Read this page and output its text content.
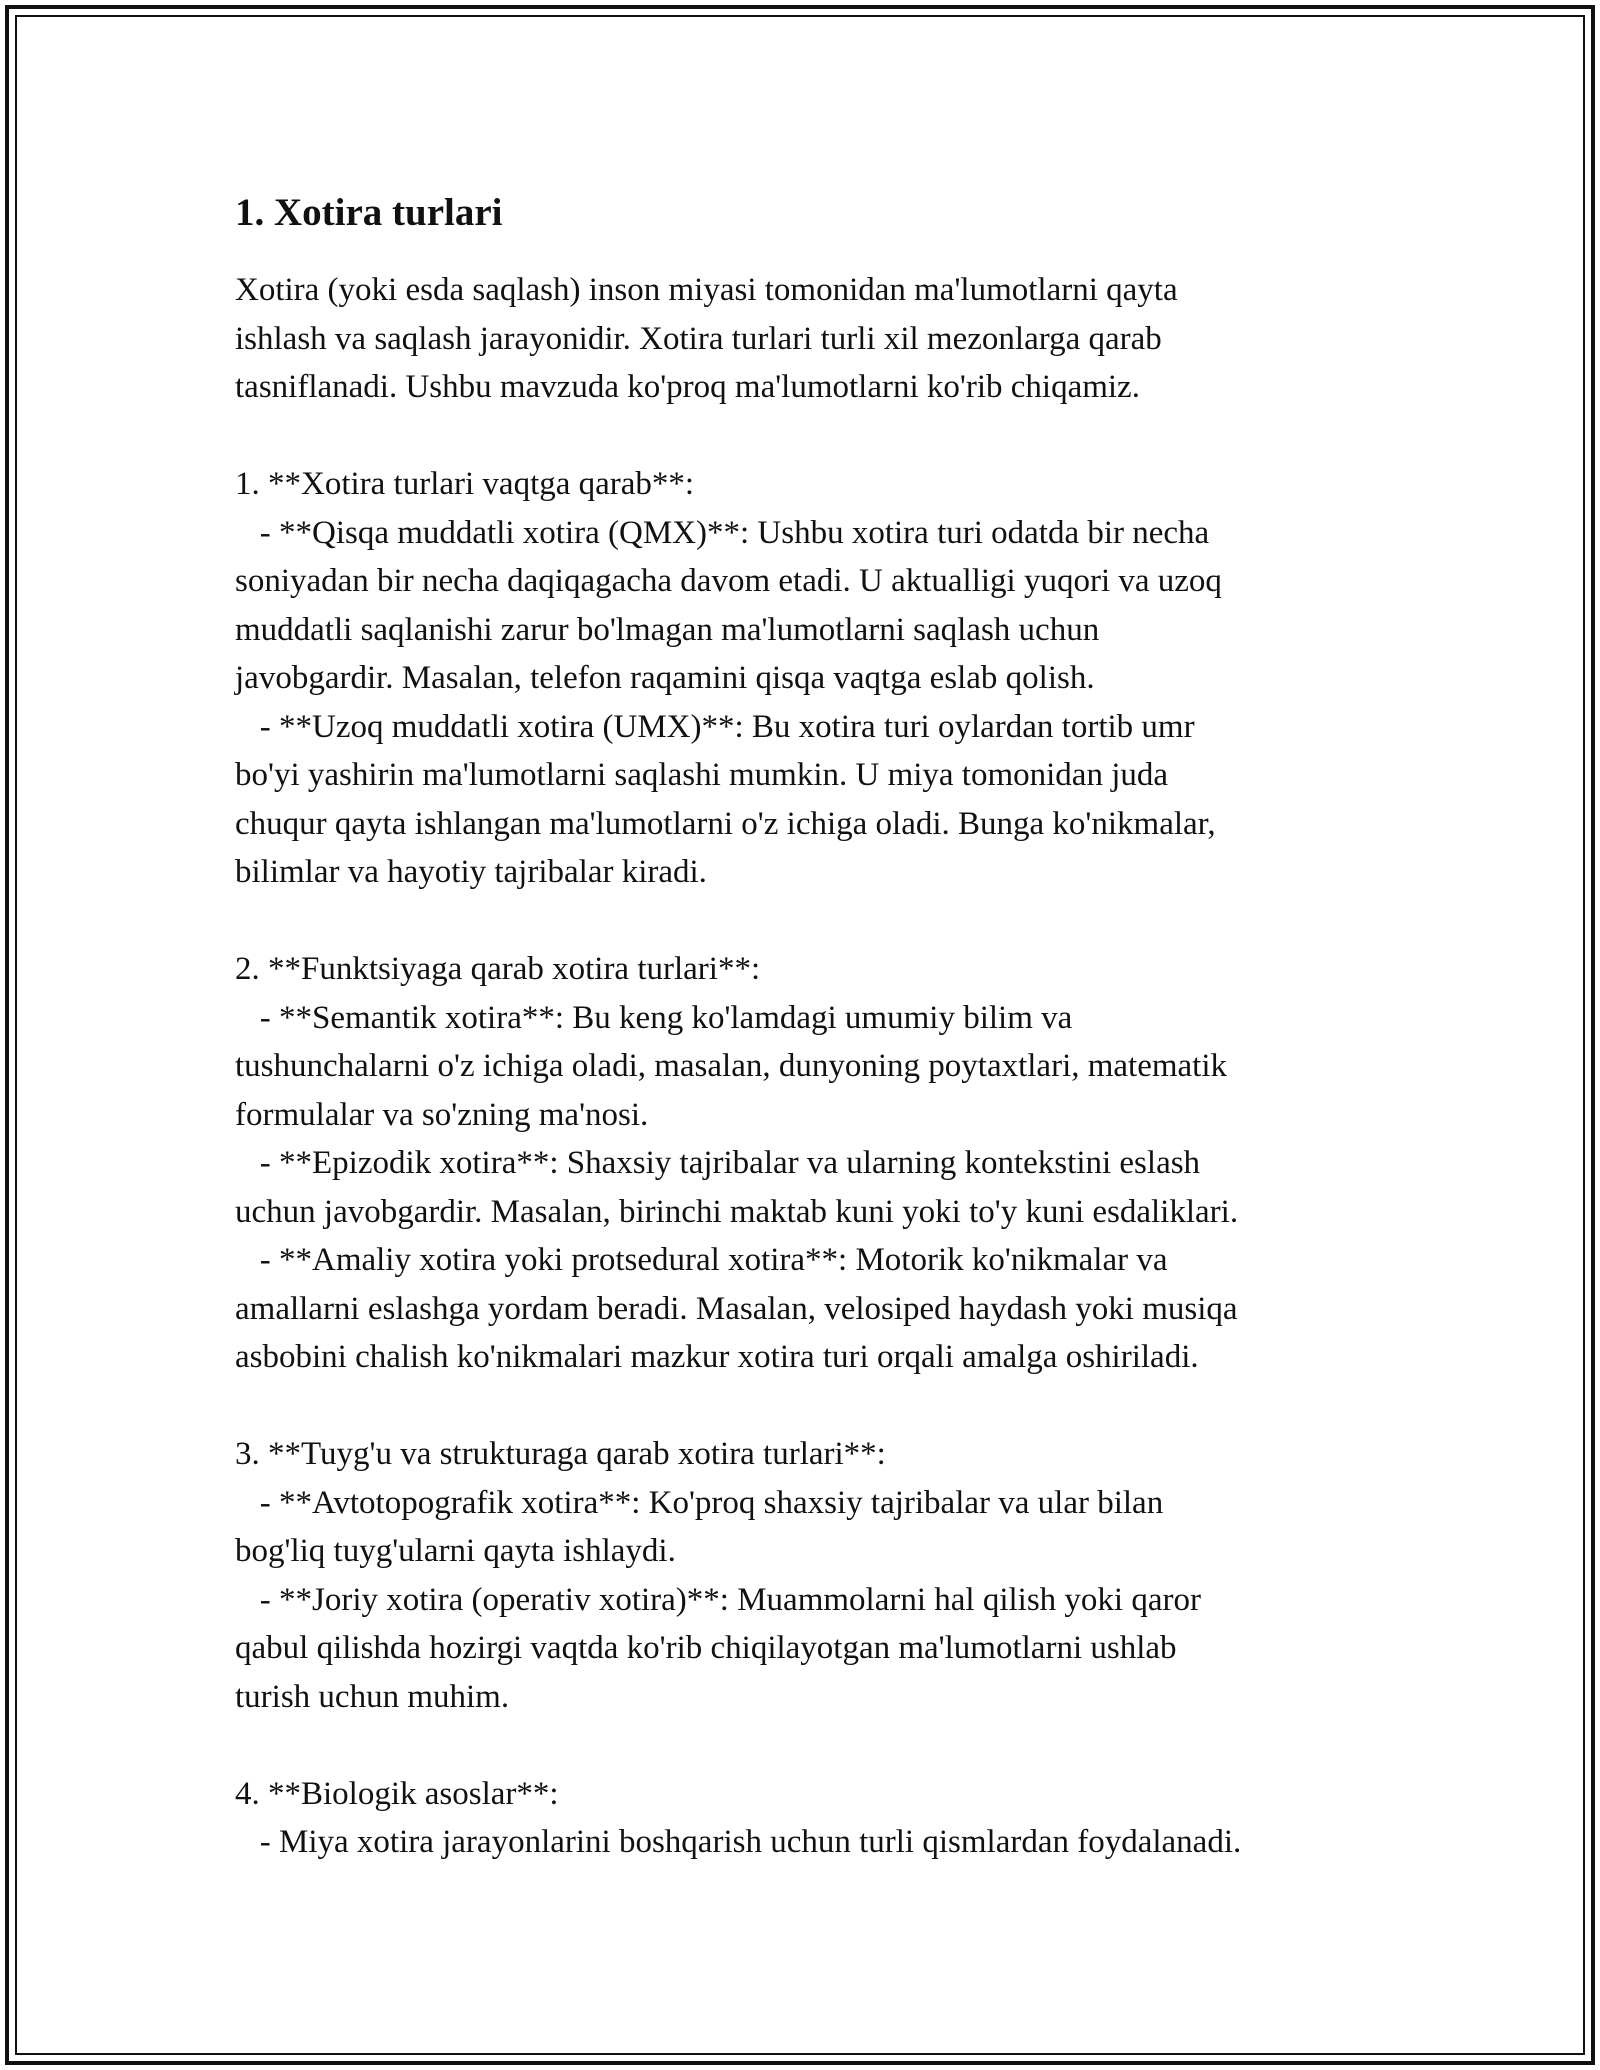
1. Xotira turlari

Xotira (yoki esda saqlash) inson miyasi tomonidan ma'lumotlarni qayta
ishlash va saqlash jarayonidir. Xotira turlari turli xil mezonlarga qarab
tasniflanadi. Ushbu mavzuda ko'proq ma'lumotlarni ko'rib chiqamiz.

1. **Xotira turlari vaqtga qarab**:
- **Qisqa muddatli xotira (QMX)**: Ushbu xotira turi odatda bir necha
soniyadan bir necha daqiqagacha davom etadi. U aktualligi yuqori va uzoq
muddatli saqlanishi zarur bo'lmagan ma'lumotlarni saqlash uchun
javobgardir. Masalan, telefon raqamini qisqa vaqtga eslab qolish.
- **Uzoq muddatli xotira (UMX)**: Bu xotira turi oylardan tortib umr
bo'yi yashirin ma'lumotlarni saqlashi mumkin. U miya tomonidan juda
chuqur qayta ishlangan ma'lumotlarni o'z ichiga oladi. Bunga ko'nikmalar,
bilimlar va hayotiy tajribalar kiradi.

2. **Funktsiyaga qarab xotira turlari**:
- **Semantik xotira**: Bu keng ko'lamdagi umumiy bilim va
tushunchalarni o'z ichiga oladi, masalan, dunyoning poytaxtlari, matematik
formulalar va so'zning ma'nosi.
- **Epizodik xotira**: Shaxsiy tajribalar va ularning kontekstini eslash
uchun javobgardir. Masalan, birinchi maktab kuni yoki to'y kuni esdaliklari.
- **Amaliy xotira yoki protsedural xotira**: Motorik ko'nikmalar va
amallarni eslashga yordam beradi. Masalan, velosiped haydash yoki musiqa
asbobini chalish ko'nikmalari mazkur xotira turi orqali amalga oshiriladi.

3. **Tuyg'u va strukturaga qarab xotira turlari**:
- **Avtotopografik xotira**: Ko'proq shaxsiy tajribalar va ular bilan
bog'liq tuyg'ularni qayta ishlaydi.
- **Joriy xotira (operativ xotira)**: Muammolarni hal qilish yoki qaror
qabul qilishda hozirgi vaqtda ko'rib chiqilayotgan ma'lumotlarni ushlab
turish uchun muhim.

4. **Biologik asoslar**:
- Miya xotira jarayonlarini boshqarish uchun turli qismlardan foydalanadi.
